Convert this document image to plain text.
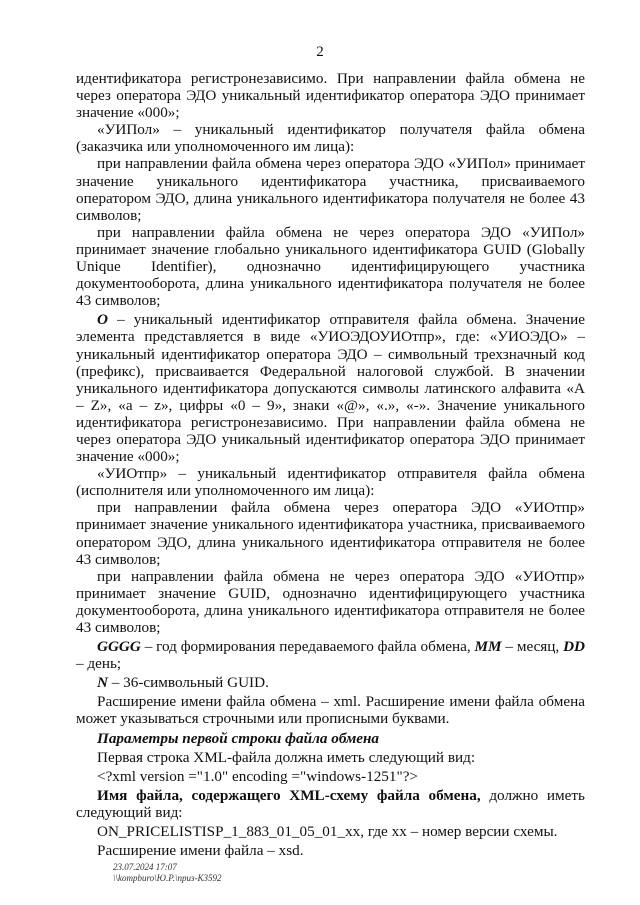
2

идентификатора регистронезависимо. При направлении файла обмена не через оператора ЭДО уникальный идентификатор оператора ЭДО принимает значение «000»;

«УИПол» – уникальный идентификатор получателя файла обмена (заказчика или уполномоченного им лица):

при направлении файла обмена через оператора ЭДО «УИПол» принимает значение уникального идентификатора участника, присваиваемого оператором ЭДО, длина уникального идентификатора получателя не более 43 символов;

при направлении файла обмена не через оператора ЭДО «УИПол» принимает значение глобально уникального идентификатора GUID (Globally Unique Identifier), однозначно идентифицирующего участника документооборота, длина уникального идентификатора получателя не более 43 символов;

O – уникальный идентификатор отправителя файла обмена. Значение элемента представляется в виде «УИОЭДОУИОтпр», где: «УИОЭДО» – уникальный идентификатор оператора ЭДО – символьный трехзначный код (префикс), присваивается Федеральной налоговой службой. В значении уникального идентификатора допускаются символы латинского алфавита «A – Z», «a – z», цифры «0 – 9», знаки «@», «.», «-». Значение уникального идентификатора регистронезависимо. При направлении файла обмена не через оператора ЭДО уникальный идентификатор оператора ЭДО принимает значение «000»;

«УИОтпр» – уникальный идентификатор отправителя файла обмена (исполнителя или уполномоченного им лица):

при направлении файла обмена через оператора ЭДО «УИОтпр» принимает значение уникального идентификатора участника, присваиваемого оператором ЭДО, длина уникального идентификатора отправителя не более 43 символов;

при направлении файла обмена не через оператора ЭДО «УИОтпр» принимает значение GUID, однозначно идентифицирующего участника документооборота, длина уникального идентификатора отправителя не более 43 символов;

GGGG – год формирования передаваемого файла обмена, MM – месяц, DD – день;

N – 36-символьный GUID.

Расширение имени файла обмена – xml. Расширение имени файла обмена может указываться строчными или прописными буквами.

Параметры первой строки файла обмена

Первая строка XML-файла должна иметь следующий вид:

<?xml version ="1.0" encoding ="windows-1251"?>

Имя файла, содержащего XML-схему файла обмена, должно иметь следующий вид:

ON_PRICELISTISP_1_883_01_05_01_xx, где xx – номер версии схемы.

Расширение имени файла – xsd.

23.07.2024 17:07
\\kompburo\Ю.Р.\приз-К3592
